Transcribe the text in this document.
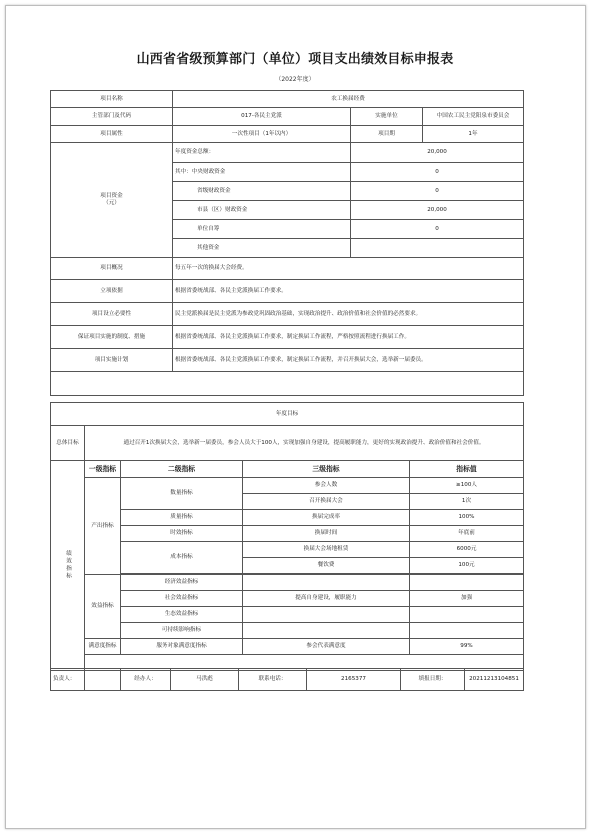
山西省省级预算部门（单位）项目支出绩效目标申报表
（2022年度）
项目名称	农工换届经费		
主管部门及代码	017-各民主党派	实施单位	中国农工民主党阳泉市委员会
项目属性	一次性项目（1年以内）	项目期	1年

项目资金
（元）	年度资金总额：	20,000	
	其中：中央财政资金	0	
	省级财政资金	0	
	市县（区）财政资金	20,000	
	单位自筹	0	
	其他资金		
项目概况	每五年一次的换届大会经费。		
立项依据	根据省委统战部、各民主党派换届工作要求。		
项目设立必要性	民主党派换届是民主党派为参政党巩固政治基础，实现政治提升、政治价值和社会价值的必然要求。		
保证项目实施的制度、措施	根据省委统战部、各民主党派换届工作要求，制定换届工作流程，严格按照流程进行换届工作。		
项目实施计划	根据省委统战部、各民主党派换届工作要求，制定换届工作流程，并召开换届大会，选举新一届委员。		

年度目标
总体目标	通过召开1次换届大会，选举新一届委员，参会人员大于100人，实现加强自身建设，提高履职能力，更好的实现政治提升、政治价值和社会价值。
绩效指标	一级指标	二级指标	三级指标	指标值
	产出指标	数量指标	参会人数	≥100人
			召开换届大会	1次
		质量指标	换届完成率	100%
		时效指标	换届时间	年底前
		成本指标	换届大会场地租赁	6000元
			餐饮费	100元

	效益指标	经济效益指标		
		社会效益指标	提高自身建设，履职能力	加强
		生态效益指标		
		可持续影响指标		
	满意度指标	服务对象满意度指标	参会代表满意度	99%

负责人：		经办人：	马洪彪	联系电话：	2165377	填报日期：	20211213104851
